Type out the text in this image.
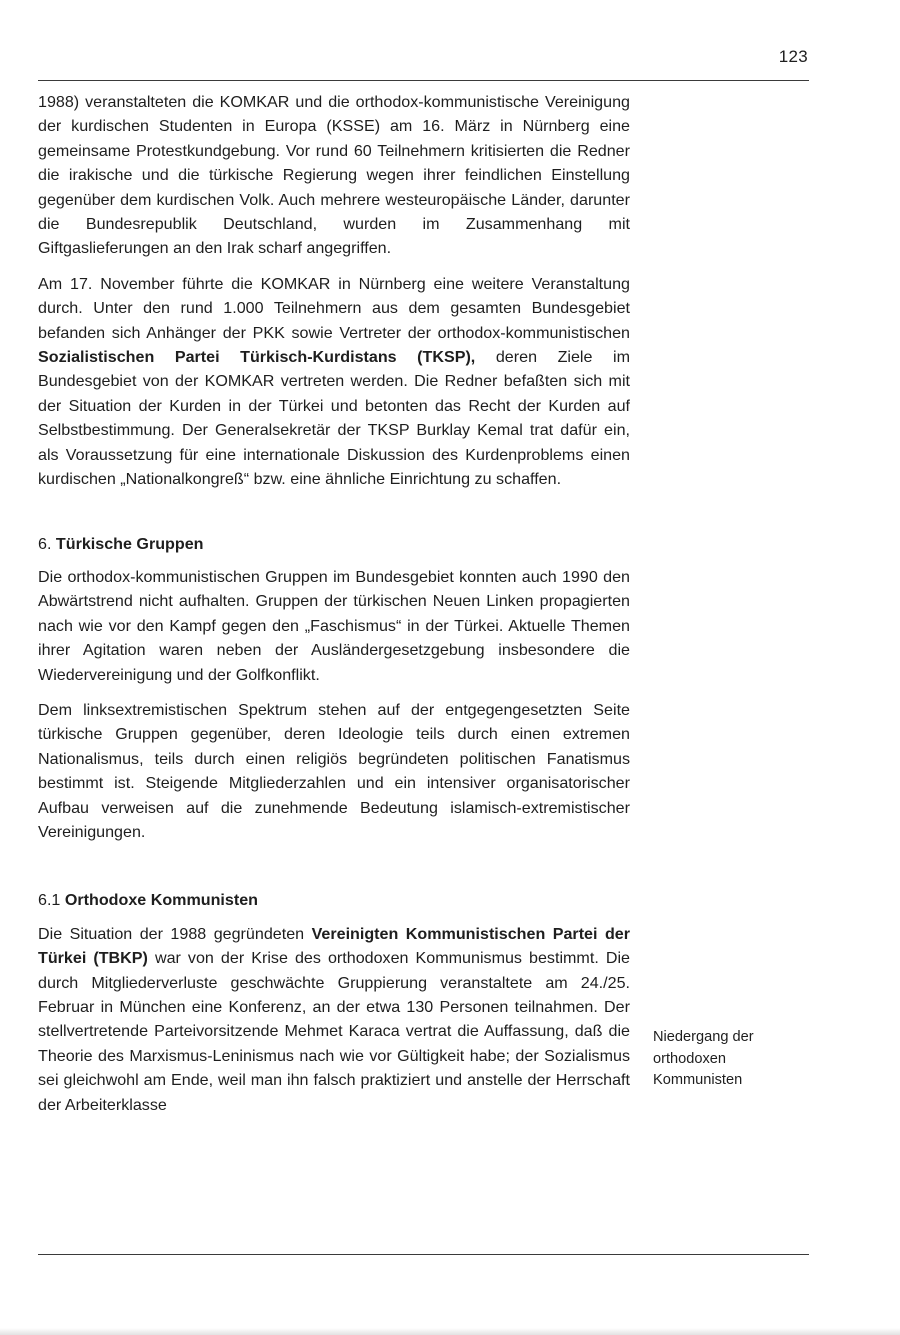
123

1988) veranstalteten die KOMKAR und die orthodox-kommunistische Vereinigung der kurdischen Studenten in Europa (KSSE) am 16. März in Nürnberg eine gemeinsame Protestkundgebung. Vor rund 60 Teilnehmern kritisierten die Redner die irakische und die türkische Regierung wegen ihrer feindlichen Einstellung gegenüber dem kurdischen Volk. Auch mehrere westeuropäische Länder, darunter die Bundesrepublik Deutschland, wurden im Zusammenhang mit Giftgaslieferungen an den Irak scharf angegriffen.

Am 17. November führte die KOMKAR in Nürnberg eine weitere Veranstaltung durch. Unter den rund 1.000 Teilnehmern aus dem gesamten Bundesgebiet befanden sich Anhänger der PKK sowie Vertreter der orthodox-kommunistischen Sozialistischen Partei Türkisch-Kurdistans (TKSP), deren Ziele im Bundesgebiet von der KOMKAR vertreten werden. Die Redner befaßten sich mit der Situation der Kurden in der Türkei und betonten das Recht der Kurden auf Selbstbestimmung. Der Generalsekretär der TKSP Burklay Kemal trat dafür ein, als Voraussetzung für eine internationale Diskussion des Kurdenproblems einen kurdischen „Nationalkongreß“ bzw. eine ähnliche Einrichtung zu schaffen.

6. Türkische Gruppen

Die orthodox-kommunistischen Gruppen im Bundesgebiet konnten auch 1990 den Abwärtstrend nicht aufhalten. Gruppen der türkischen Neuen Linken propagierten nach wie vor den Kampf gegen den „Faschismus“ in der Türkei. Aktuelle Themen ihrer Agitation waren neben der Ausländergesetzgebung insbesondere die Wiedervereinigung und der Golfkonflikt.

Dem linksextremistischen Spektrum stehen auf der entgegengesetzten Seite türkische Gruppen gegenüber, deren Ideologie teils durch einen extremen Nationalismus, teils durch einen religiös begründeten politischen Fanatismus bestimmt ist. Steigende Mitgliederzahlen und ein intensiver organisatorischer Aufbau verweisen auf die zunehmende Bedeutung islamisch-extremistischer Vereinigungen.

6.1 Orthodoxe Kommunisten

Die Situation der 1988 gegründeten Vereinigten Kommunistischen Partei der Türkei (TBKP) war von der Krise des orthodoxen Kommunismus bestimmt. Die durch Mitgliederverluste geschwächte Gruppierung veranstaltete am 24./25. Februar in München eine Konferenz, an der etwa 130 Personen teilnahmen. Der stellvertretende Parteivorsitzende Mehmet Karaca vertrat die Auffassung, daß die Theorie des Marxismus-Leninismus nach wie vor Gültigkeit habe; der Sozialismus sei gleichwohl am Ende, weil man ihn falsch praktiziert und anstelle der Herrschaft der Arbeiterklasse

Niedergang der
orthodoxen
Kommunisten
